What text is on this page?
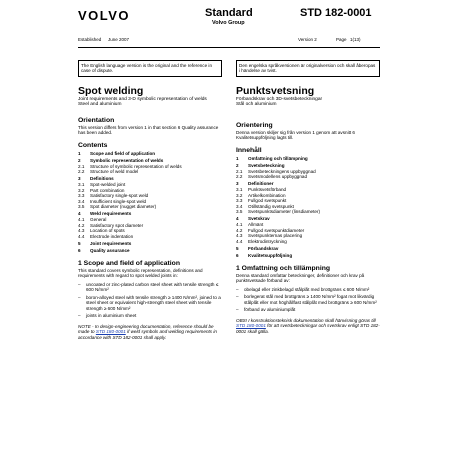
VOLVO	Standard
Volvo Group
STD 182-0001
Established June 2007	Version 2	Page 1(13)
The English language version is the original and the reference in case of dispute.
Den engelska språkversionen är originalversion och skall åberopas i händelse av tvist.
Spot welding

Joint requirements and 3-D symbolic representation of welds

Steel and aluminium

Orientation

This version differs from version 1 in that section 6 Quality assurance has been added.

Contents
1	Scope and field of application
2	Symbolic representation of welds
2.1	Structure of symbolic representation of welds
2.2	Structure of weld model
3	Definitions
3.1	Spot-welded joint
3.2	Part combination
3.3	Satisfactory single-spot weld
3.4	Insufficient single-spot weld
3.5	Spot diameter (nugget diameter)
4	Weld requirements
4.1	General
4.2	Satisfactory spot diameter
4.3	Location of spots
4.4	Electrode indentation
5	Joint requirements
6	Quality assurance
1 Scope and field of application

This standard covers symbolic representation, definitions and requirements with regard to spot welded joints in:

–	uncoated or zinc-plated carbon steel sheet with tensile strength ≤ 600 N/mm²
–	boron-alloyed steel with tensile strength ≥ 1400 N/mm², joined to a steel sheet or equivalent high-strength steel sheet with tensile strength ≥ 600 N/mm²
–	joints in aluminium sheet

NOTE - In design-engineering documentation, reference should be made to STD 180-0001 if weld symbols and welding requirements in accordance with STD 182-0001 shall apply.

Punktsvetsning

Förbandskrav och 3D-svetsbeteckningar

Stål och aluminium

Orientering

Denna version skiljer sig från version 1 genom att avsnitt 6 Kvalitetsuppföljning lagts till.

Innehåll
1	Omfattning och tillämpning
2	Svetsbeteckning
2.1	Svetsbeteckningens uppbyggnad
2.2	Svetsmodellens uppbyggnad
3	Definitioner
3.1	Punktsvetsförband
3.2	Artikelkombination
3.3	Fullgod svetspunkt
3.4	Otillständig svetspunkt
3.5	Svetspunktsdiameter (linsdiameter)
4	Svetskrav
4.1	Allmänt
4.2	Fullgod svetspunktdiameter
4.3	Svetspunkternas placering
4.4	Elektrodintryckning
5	Förbandskrav
6	Kvalitetsuppföljning
1 Omfattning och tillämpning

Denna standard omfattar beteckninger, definitioner och krav på punktsvetsade förband av:

–	obelagd eller zinkbelagd stålplåt med brottgräns ≤ 600 N/mm²
–	borlegerat stål med brottgräns ≥ 1400 N/mm² fogat mot likvärdig stålplåt eller mot höghållfast stålplåt med brottgräns ≥ 600 N/mm²
–	förband av aluminiumplåt

OBS! I konstruktionsteknisk dokumentation skall hänvisning göras till STD 180-0001 för att svetsbeteckningar och svetskrav enligt STD 182-0001 skall gälla.
